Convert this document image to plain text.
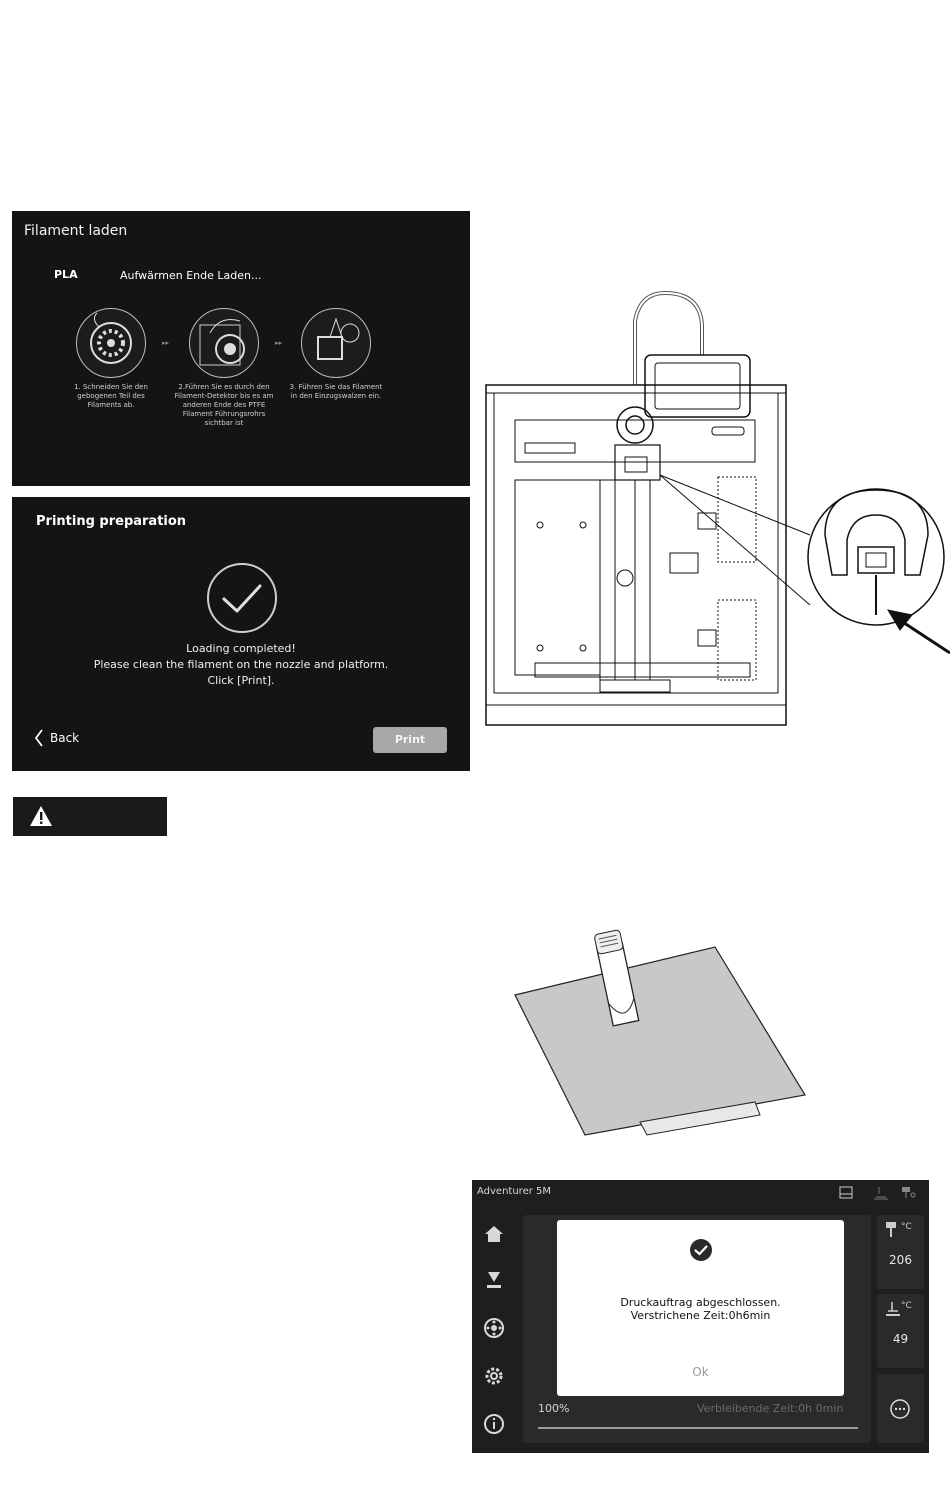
Filament laden
PLA	Aufwärmen Ende Laden...
▸▸
1. Schneiden Sie den gebogenen Teil des Filaments ab.
▸▸
2.Führen Sie es durch den Filament-Detektor bis es am anderen Ende des PTFE Filament Führungsrohrs sichtbar ist
3. Führen Sie das Filament in den Einzugswalzen ein.
Printing preparation
Loading completed!
Please clean the filament on the nozzle and platform.
Click [Print].
Back	Print
Adventurer 5M
°C
206
°C
49
100%	Verbleibende Zeit:0h 0min
Druckauftrag abgeschlossen.
Verstrichene Zeit:0h6min
Ok
